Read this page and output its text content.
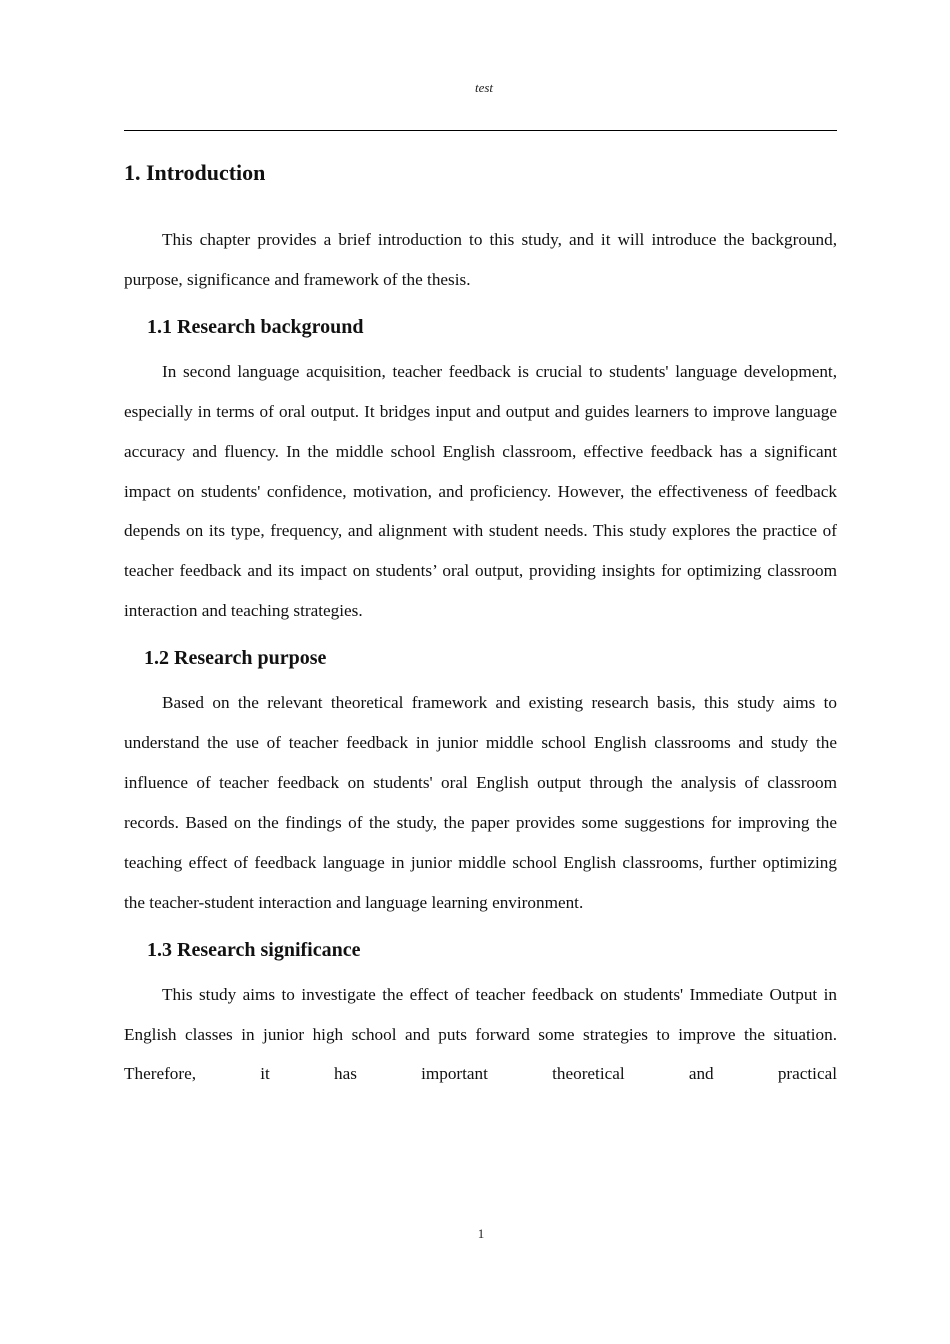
test
1. Introduction

This chapter provides a brief introduction to this study, and it will introduce the background, purpose, significance and framework of the thesis.

1.1 Research background

In second language acquisition, teacher feedback is crucial to students' language development, especially in terms of oral output. It bridges input and output and guides learners to improve language accuracy and fluency. In the middle school English classroom, effective feedback has a significant impact on students' confidence, motivation, and proficiency. However, the effectiveness of feedback depends on its type, frequency, and alignment with student needs. This study explores the practice of teacher feedback and its impact on students’ oral output, providing insights for optimizing classroom interaction and teaching strategies.

1.2 Research purpose

Based on the relevant theoretical framework and existing research basis, this study aims to understand the use of teacher feedback in junior middle school English classrooms and study the influence of teacher feedback on students' oral English output through the analysis of classroom records. Based on the findings of the study, the paper provides some suggestions for improving the teaching effect of feedback language in junior middle school English classrooms, further optimizing the teacher-student interaction and language learning environment.

1.3 Research significance

This study aims to investigate the effect of teacher feedback on students' Immediate Output in English classes in junior high school and puts forward some strategies to improve the situation. Therefore, it has important theoretical and practical

1
